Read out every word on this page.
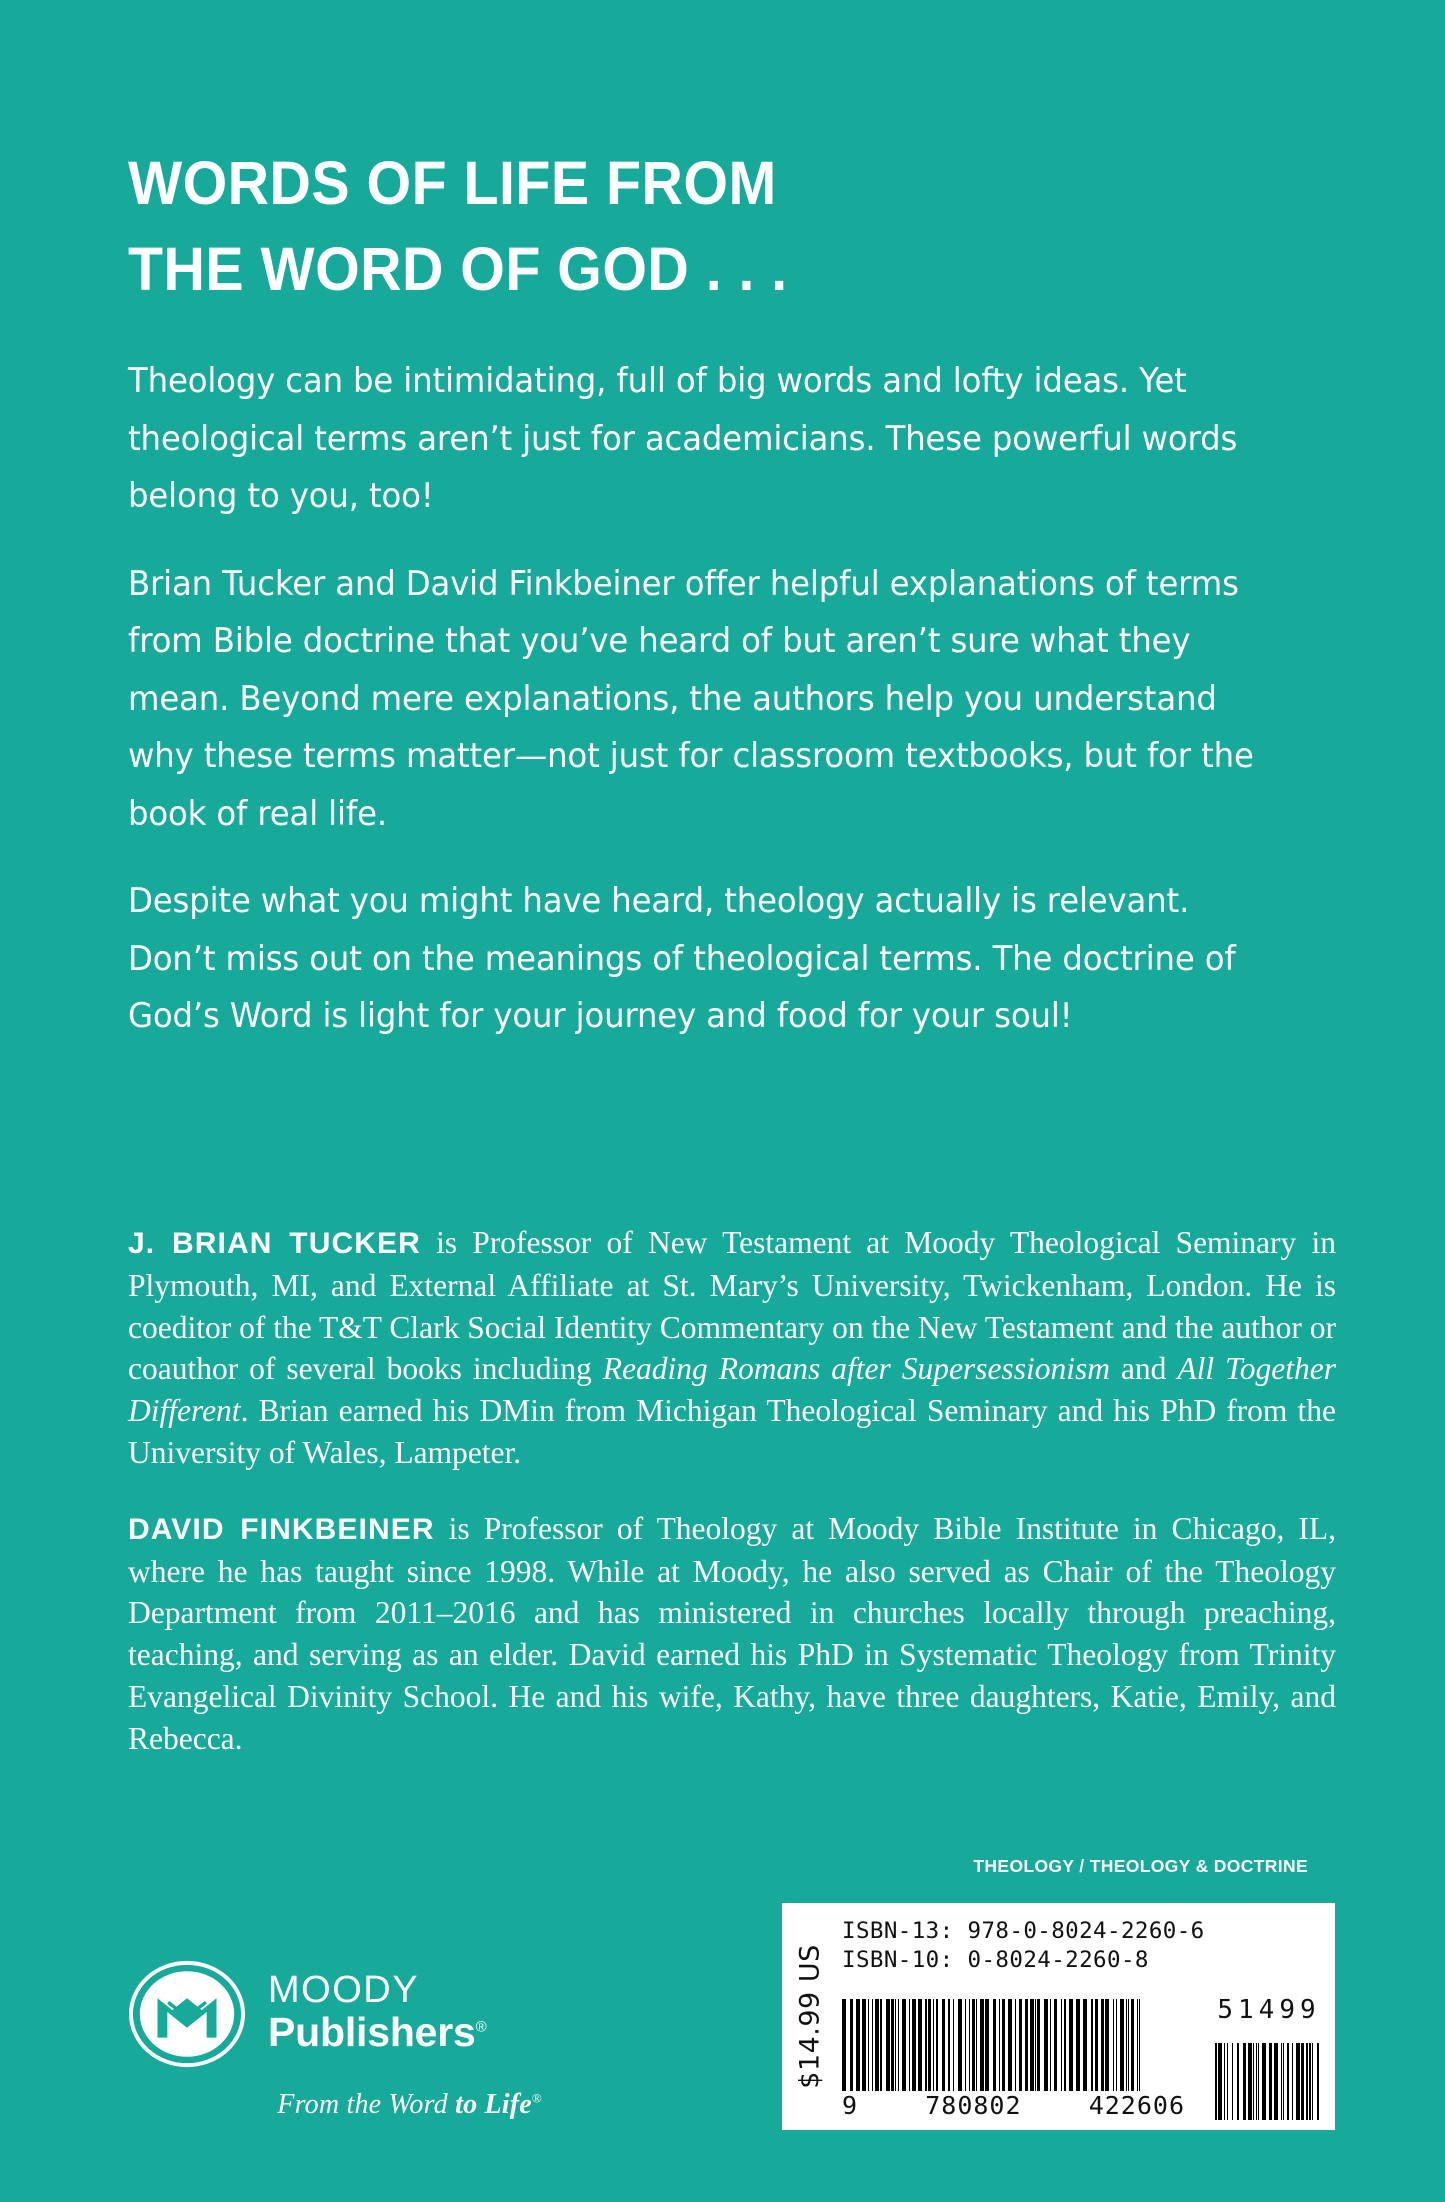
WORDS OF LIFE FROM
THE WORD OF GOD . . .

Theology can be intimidating, full of big words and lofty ideas. Yet theological terms aren’t just for academicians. These powerful words belong to you, too!

Brian Tucker and David Finkbeiner offer helpful explanations of terms from Bible doctrine that you’ve heard of but aren’t sure what they mean. Beyond mere explanations, the authors help you understand why these terms matter—not just for classroom textbooks, but for the book of real life.

Despite what you might have heard, theology actually is relevant. Don’t miss out on the meanings of theological terms. The doctrine of God’s Word is light for your journey and food for your soul!

J. BRIAN TUCKER is Professor of New Testament at Moody Theological Seminary in Plymouth, MI, and External Affiliate at St. Mary’s University, Twickenham, London. He is coeditor of the T&T Clark Social Identity Commentary on the New Testament and the author or coauthor of several books including Reading Romans after Supersessionism and All Together Different. Brian earned his DMin from Michigan Theological Seminary and his PhD from the University of Wales, Lampeter.

DAVID FINKBEINER is Professor of Theology at Moody Bible Institute in Chicago, IL, where he has taught since 1998. While at Moody, he also served as Chair of the Theology Department from 2011–2016 and has ministered in churches locally through preaching, teaching, and serving as an elder. David earned his PhD in Systematic Theology from Trinity Evangelical Divinity School. He and his wife, Kathy, have three daughters, Katie, Emily, and Rebecca.

THEOLOGY / THEOLOGY & DOCTRINE
$14.99 US
ISBN-13: 978-0-8024-2260-6
ISBN-10: 0-8024-2260-8
9	780802	422606
51499
MOODY
Publishers®
From the Word to Life®
